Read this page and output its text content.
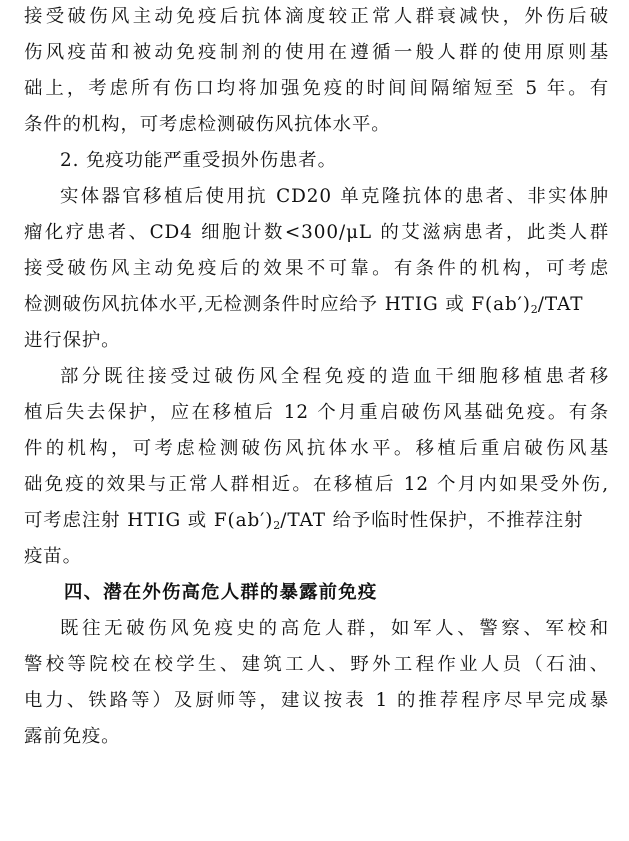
接受破伤风主动免疫后抗体滴度较正常人群衰减快，外伤后破
伤风疫苗和被动免疫制剂的使用在遵循一般人群的使用原则基
础上，考虑所有伤口均将加强免疫的时间间隔缩短至 5 年。有
条件的机构，可考虑检测破伤风抗体水平。
2. 免疫功能严重受损外伤患者。
实体器官移植后使用抗 CD20 单克隆抗体的患者、非实体肿
瘤化疗患者、CD4 细胞计数<300/μL 的艾滋病患者，此类人群
接受破伤风主动免疫后的效果不可靠。有条件的机构，可考虑
检测破伤风抗体水平,无检测条件时应给予 HTIG 或 $F(ab')_2$/TAT
进行保护。
部分既往接受过破伤风全程免疫的造血干细胞移植患者移
植后失去保护，应在移植后 12 个月重启破伤风基础免疫。有条
件的机构，可考虑检测破伤风抗体水平。移植后重启破伤风基
础免疫的效果与正常人群相近。在移植后 12 个月内如果受外伤,
可考虑注射 HTIG 或 $F(ab')_2$/TAT 给予临时性保护，不推荐注射
疫苗。
四、潜在外伤高危人群的暴露前免疫
既往无破伤风免疫史的高危人群，如军人、警察、军校和
警校等院校在校学生、建筑工人、野外工程作业人员（石油、
电力、铁路等）及厨师等，建议按表 1 的推荐程序尽早完成暴
露前免疫。
